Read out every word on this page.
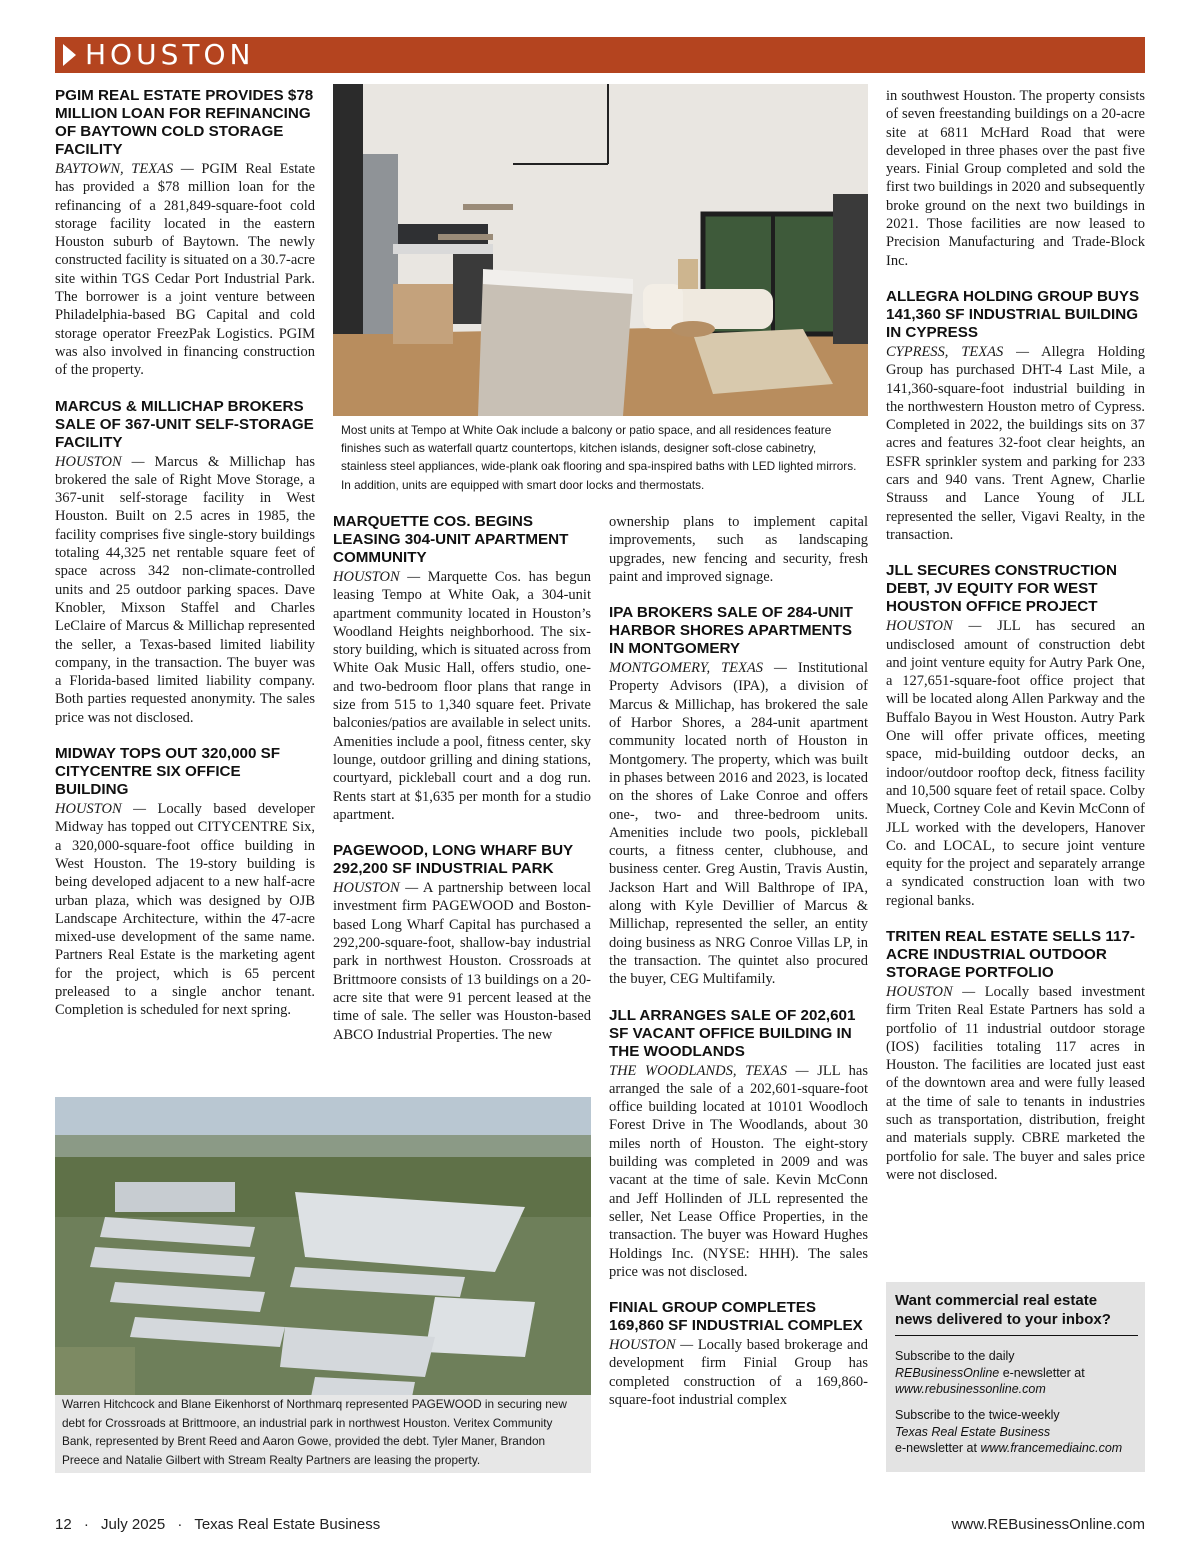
HOUSTON
PGIM REAL ESTATE PROVIDES $78 MILLION LOAN FOR REFINANCING OF BAYTOWN COLD STORAGE FACILITY

BAYTOWN, TEXAS — PGIM Real Estate has provided a $78 million loan for the refinancing of a 281,849-square-foot cold storage facility located in the eastern Houston suburb of Baytown. The newly constructed facility is situated on a 30.7-acre site within TGS Cedar Port Industrial Park. The borrower is a joint venture between Philadelphia-based BG Capital and cold storage operator FreezPak Logistics. PGIM was also involved in financing construction of the property.

MARCUS & MILLICHAP BROKERS SALE OF 367-UNIT SELF-STORAGE FACILITY

HOUSTON — Marcus & Millichap has brokered the sale of Right Move Storage, a 367-unit self-storage facility in West Houston. Built on 2.5 acres in 1985, the facility comprises five single-story buildings totaling 44,325 net rentable square feet of space across 342 non-climate-controlled units and 25 outdoor parking spaces. Dave Knobler, Mixson Staffel and Charles LeClaire of Marcus & Millichap represented the seller, a Texas-based limited liability company, in the transaction. The buyer was a Florida-based limited liability company. Both parties requested anonymity. The sales price was not disclosed.

MIDWAY TOPS OUT 320,000 SF CITYCENTRE SIX OFFICE BUILDING

HOUSTON — Locally based developer Midway has topped out CITYCENTRE Six, a 320,000-square-foot office building in West Houston. The 19-story building is being developed adjacent to a new half-acre urban plaza, which was designed by OJB Landscape Architecture, within the 47-acre mixed-use development of the same name. Partners Real Estate is the marketing agent for the project, which is 65 percent preleased to a single anchor tenant. Completion is scheduled for next spring.

Most units at Tempo at White Oak include a balcony or patio space, and all residences feature finishes such as waterfall quartz countertops, kitchen islands, designer soft-close cabinetry, stainless steel appliances, wide-plank oak flooring and spa-inspired baths with LED lighted mirrors. In addition, units are equipped with smart door locks and thermostats.
MARQUETTE COS. BEGINS LEASING 304-UNIT APARTMENT COMMUNITY

HOUSTON — Marquette Cos. has begun leasing Tempo at White Oak, a 304-unit apartment community located in Houston’s Woodland Heights neighborhood. The six-story building, which is situated across from White Oak Music Hall, offers studio, one- and two-bedroom floor plans that range in size from 515 to 1,340 square feet. Private balconies/patios are available in select units. Amenities include a pool, fitness center, sky lounge, outdoor grilling and dining stations, courtyard, pickleball court and a dog run. Rents start at $1,635 per month for a studio apartment.

PAGEWOOD, LONG WHARF BUY 292,200 SF INDUSTRIAL PARK

HOUSTON — A partnership between local investment firm PAGEWOOD and Boston-based Long Wharf Capital has purchased a 292,200-square-foot, shallow-bay industrial park in northwest Houston. Crossroads at Brittmoore consists of 13 buildings on a 20-acre site that were 91 percent leased at the time of sale. The seller was Houston-based ABCO Industrial Properties. The new

ownership plans to implement capital improvements, such as landscaping upgrades, new fencing and security, fresh paint and improved signage.

IPA BROKERS SALE OF 284-UNIT HARBOR SHORES APARTMENTS IN MONTGOMERY

MONTGOMERY, TEXAS — Institutional Property Advisors (IPA), a division of Marcus & Millichap, has brokered the sale of Harbor Shores, a 284-unit apartment community located north of Houston in Montgomery. The property, which was built in phases between 2016 and 2023, is located on the shores of Lake Conroe and offers one-, two- and three-bedroom units. Amenities include two pools, pickleball courts, a fitness center, clubhouse, and business center. Greg Austin, Travis Austin, Jackson Hart and Will Balthrope of IPA, along with Kyle Devillier of Marcus & Millichap, represented the seller, an entity doing business as NRG Conroe Villas LP, in the transaction. The quintet also procured the buyer, CEG Multifamily.

JLL ARRANGES SALE OF 202,601 SF VACANT OFFICE BUILDING IN THE WOODLANDS

THE WOODLANDS, TEXAS — JLL has arranged the sale of a 202,601-square-foot office building located at 10101 Woodloch Forest Drive in The Woodlands, about 30 miles north of Houston. The eight-story building was completed in 2009 and was vacant at the time of sale. Kevin McConn and Jeff Hollinden of JLL represented the seller, Net Lease Office Properties, in the transaction. The buyer was Howard Hughes Holdings Inc. (NYSE: HHH). The sales price was not disclosed.

FINIAL GROUP COMPLETES 169,860 SF INDUSTRIAL COMPLEX

HOUSTON — Locally based brokerage and development firm Finial Group has completed construction of a 169,860-square-foot industrial complex

in southwest Houston. The property consists of seven freestanding buildings on a 20-acre site at 6811 McHard Road that were developed in three phases over the past five years. Finial Group completed and sold the first two buildings in 2020 and subsequently broke ground on the next two buildings in 2021. Those facilities are now leased to Precision Manufacturing and Trade-Block Inc.

ALLEGRA HOLDING GROUP BUYS 141,360 SF INDUSTRIAL BUILDING IN CYPRESS

CYPRESS, TEXAS — Allegra Holding Group has purchased DHT-4 Last Mile, a 141,360-square-foot industrial building in the northwestern Houston metro of Cypress. Completed in 2022, the buildings sits on 37 acres and features 32-foot clear heights, an ESFR sprinkler system and parking for 233 cars and 940 vans. Trent Agnew, Charlie Strauss and Lance Young of JLL represented the seller, Vigavi Realty, in the transaction.

JLL SECURES CONSTRUCTION DEBT, JV EQUITY FOR WEST HOUSTON OFFICE PROJECT

HOUSTON — JLL has secured an undisclosed amount of construction debt and joint venture equity for Autry Park One, a 127,651-square-foot office project that will be located along Allen Parkway and the Buffalo Bayou in West Houston. Autry Park One will offer private offices, meeting space, mid-building outdoor decks, an indoor/outdoor rooftop deck, fitness facility and 10,500 square feet of retail space. Colby Mueck, Cortney Cole and Kevin McConn of JLL worked with the developers, Hanover Co. and LOCAL, to secure joint venture equity for the project and separately arrange a syndicated construction loan with two regional banks.

TRITEN REAL ESTATE SELLS 117-ACRE INDUSTRIAL OUTDOOR STORAGE PORTFOLIO

HOUSTON — Locally based investment firm Triten Real Estate Partners has sold a portfolio of 11 industrial outdoor storage (IOS) facilities totaling 117 acres in Houston. The facilities are located just east of the downtown area and were fully leased at the time of sale to tenants in industries such as transportation, distribution, freight and materials supply. CBRE marketed the portfolio for sale. The buyer and sales price were not disclosed.

Warren Hitchcock and Blane Eikenhorst of Northmarq represented PAGEWOOD in securing new debt for Crossroads at Brittmoore, an industrial park in northwest Houston. Veritex Community Bank, represented by Brent Reed and Aaron Gowe, provided the debt. Tyler Maner, Brandon Preece and Natalie Gilbert with Stream Realty Partners are leasing the property.
Want commercial real estate news delivered to your inbox?
Subscribe to the daily
REBusinessOnline e-newsletter at
www.rebusinessonline.com
Subscribe to the twice-weekly
Texas Real Estate Business
e-newsletter at www.francemediainc.com
12 · July 2025 · Texas Real Estate Business	www.REBusinessOnline.com
